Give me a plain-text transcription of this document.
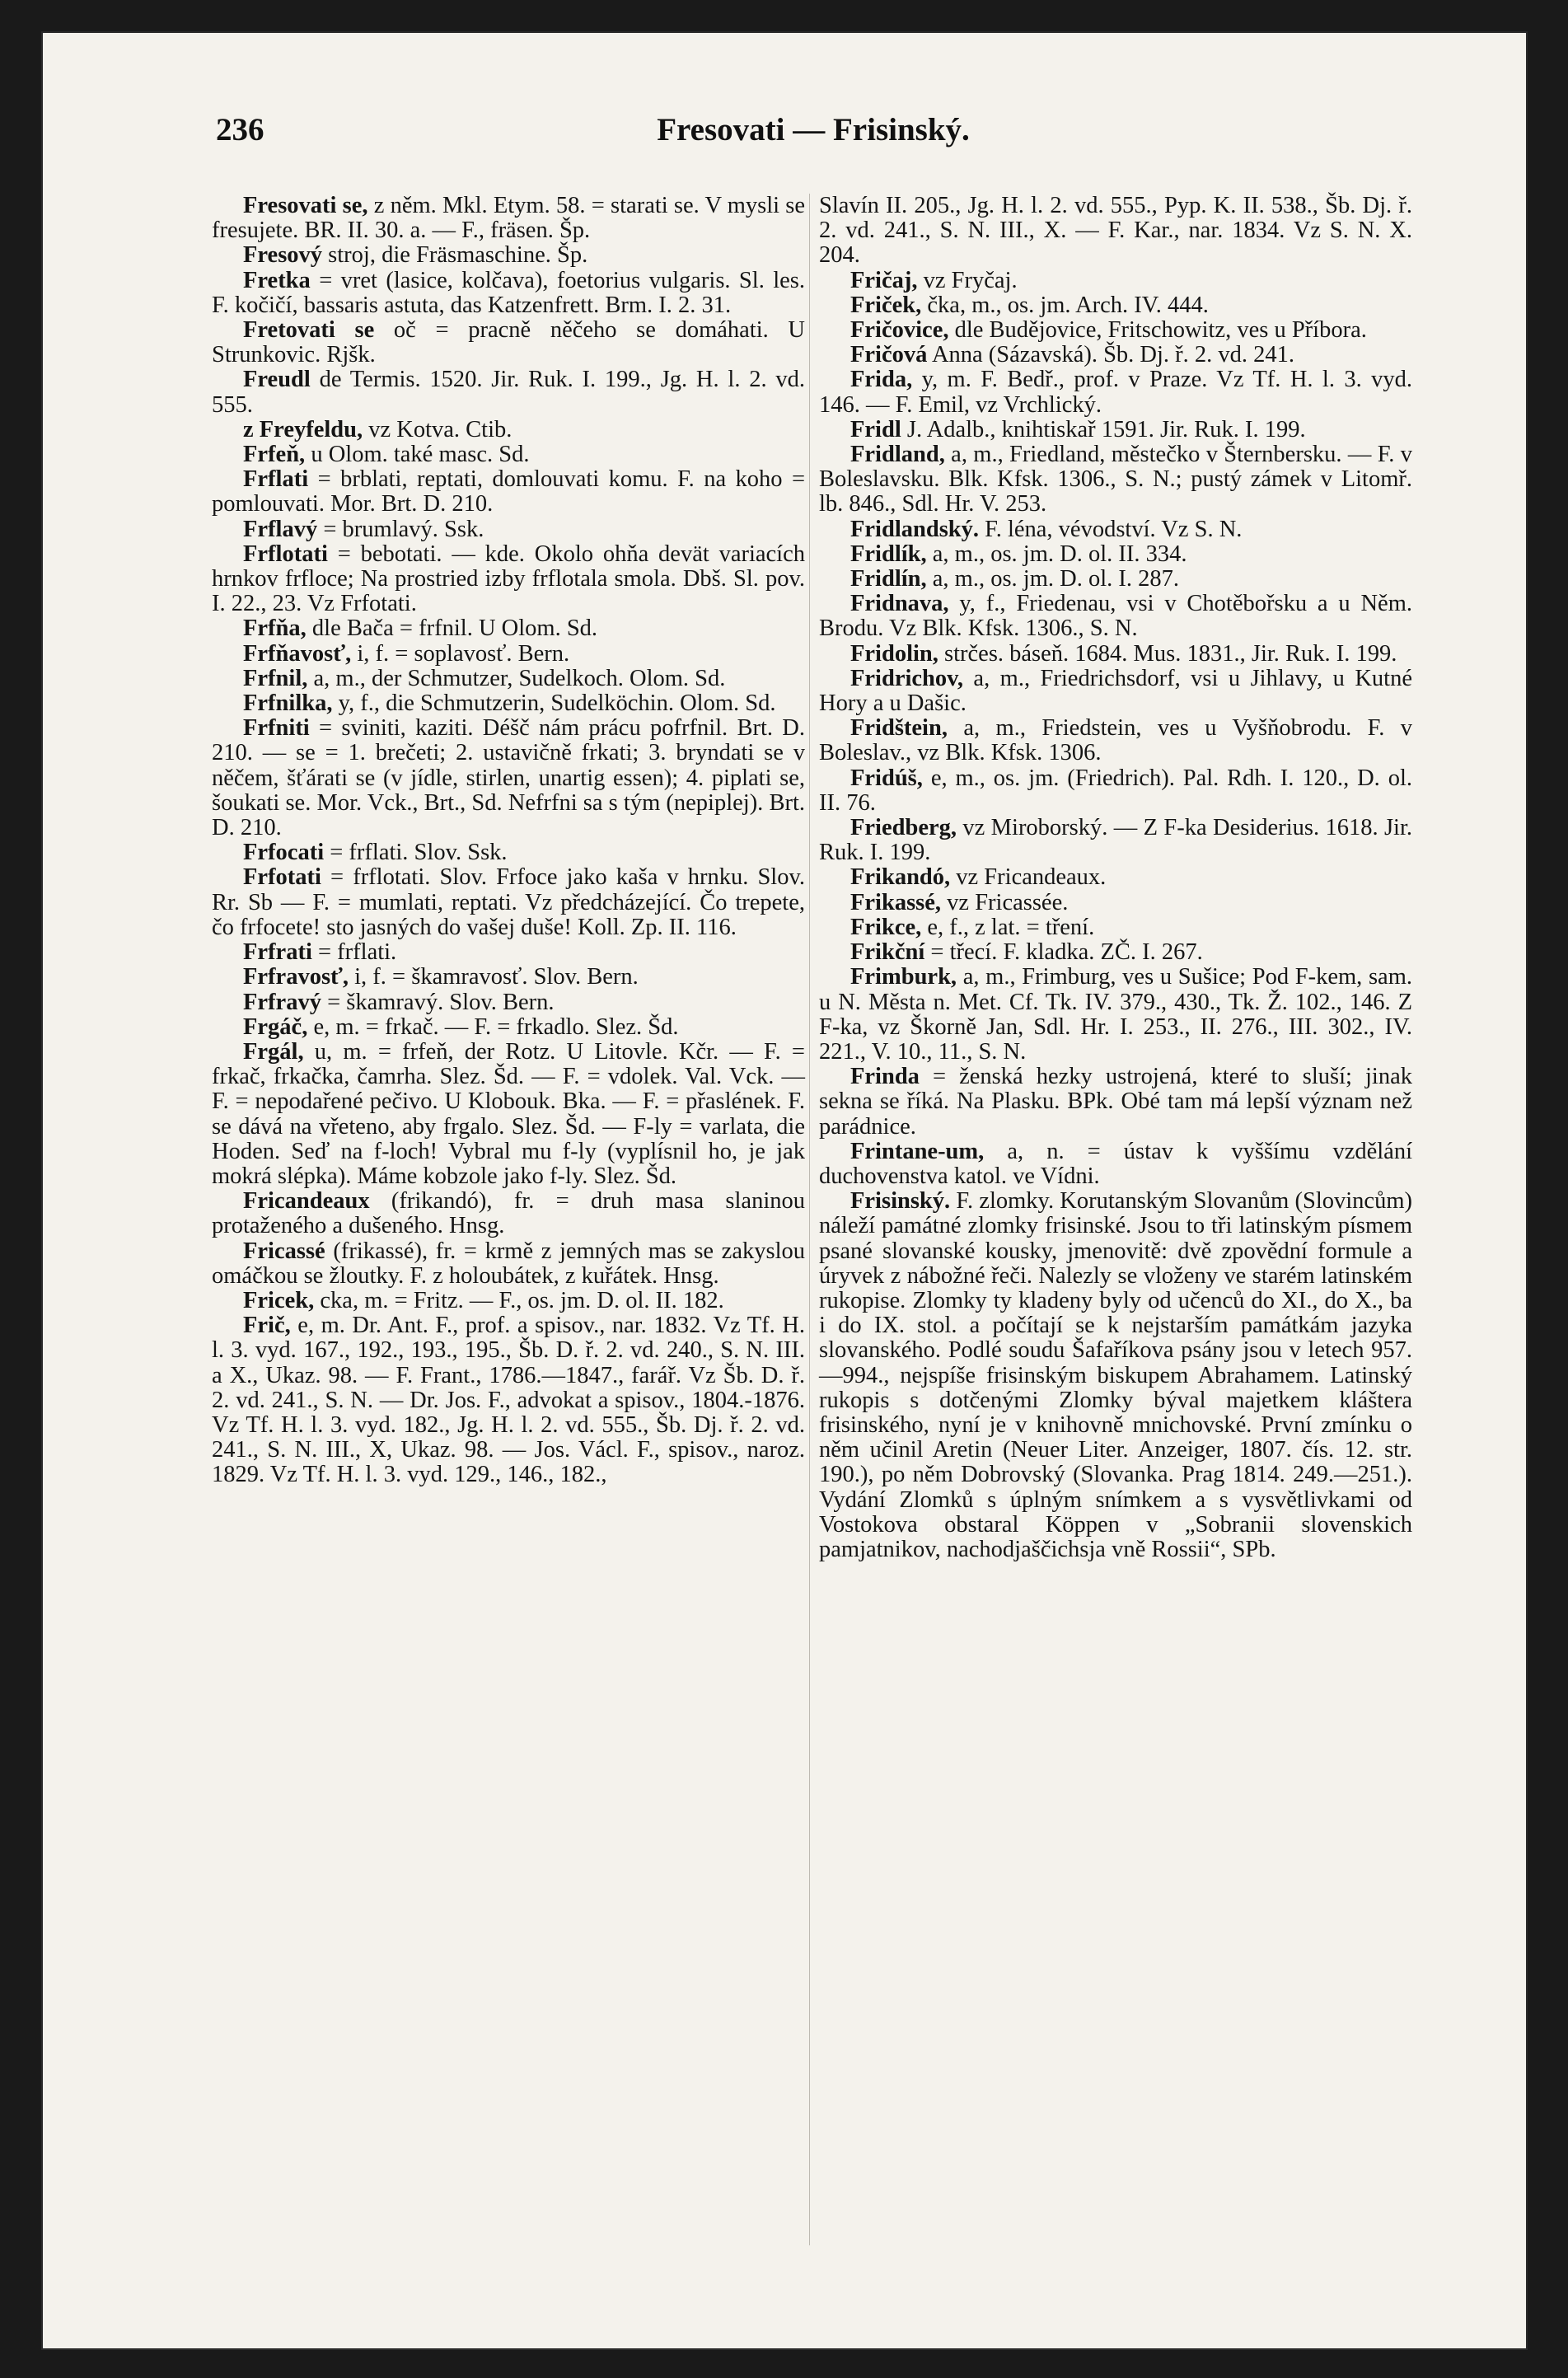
236	Fresovati — Frisinský.

Fresovati se, z něm. Mkl. Etym. 58. = starati se. V mysli se fresujete. BR. II. 30. a. — F., fräsen. Šp.

Fresový stroj, die Fräsmaschine. Šp.

Fretka = vret (lasice, kolčava), foetorius vulgaris. Sl. les. F. kočičí, bassaris astuta, das Katzenfrett. Brm. I. 2. 31.

Fretovati se oč = pracně něčeho se domáhati. U Strunkovic. Rjšk.

Freudl de Termis. 1520. Jir. Ruk. I. 199., Jg. H. l. 2. vd. 555.

z Freyfeldu, vz Kotva. Ctib.

Frfeň, u Olom. také masc. Sd.

Frflati = brblati, reptati, domlouvati komu. F. na koho = pomlouvati. Mor. Brt. D. 210.

Frflavý = brumlavý. Ssk.

Frflotati = bebotati. — kde. Okolo ohňa devät variacích hrnkov frfloce; Na prostried izby frflotala smola. Dbš. Sl. pov. I. 22., 23. Vz Frfotati.

Frfňa, dle Bača = frfnil. U Olom. Sd.

Frfňavosť, i, f. = soplavosť. Bern.

Frfnil, a, m., der Schmutzer, Sudelkoch. Olom. Sd.

Frfnilka, y, f., die Schmutzerin, Sudelköchin. Olom. Sd.

Frfniti = sviniti, kaziti. Déšč nám prácu pofrfnil. Brt. D. 210. — se = 1. brečeti; 2. ustavičně frkati; 3. bryndati se v něčem, šťárati se (v jídle, stirlen, unartig essen); 4. piplati se, šoukati se. Mor. Vck., Brt., Sd. Nefrfni sa s tým (nepiplej). Brt. D. 210.

Frfocati = frflati. Slov. Ssk.

Frfotati = frflotati. Slov. Frfoce jako kaša v hrnku. Slov. Rr. Sb — F. = mumlati, reptati. Vz předcházející. Čo trepete, čo frfocete! sto jasných do vašej duše! Koll. Zp. II. 116.

Frfrati = frflati.

Frfravosť, i, f. = škamravosť. Slov. Bern.

Frfravý = škamravý. Slov. Bern.

Frgáč, e, m. = frkač. — F. = frkadlo. Slez. Šd.

Frgál, u, m. = frfeň, der Rotz. U Litovle. Kčr. — F. = frkač, frkačka, čamrha. Slez. Šd. — F. = vdolek. Val. Vck. — F. = nepodařené pečivo. U Klobouk. Bka. — F. = přaslének. F. se dává na vřeteno, aby frgalo. Slez. Šd. — F-ly = varlata, die Hoden. Seď na f-loch! Vybral mu f-ly (vyplísnil ho, je jak mokrá slépka). Máme kobzole jako f-ly. Slez. Šd.

Fricandeaux (frikandó), fr. = druh masa slaninou protaženého a dušeného. Hnsg.

Fricassé (frikassé), fr. = krmě z jemných mas se zakyslou omáčkou se žloutky. F. z holoubátek, z kuřátek. Hnsg.

Fricek, cka, m. = Fritz. — F., os. jm. D. ol. II. 182.

Frič, e, m. Dr. Ant. F., prof. a spisov., nar. 1832. Vz Tf. H. l. 3. vyd. 167., 192., 193., 195., Šb. D. ř. 2. vd. 240., S. N. III. a X., Ukaz. 98. — F. Frant., 1786.—1847., farář. Vz Šb. D. ř. 2. vd. 241., S. N. — Dr. Jos. F., advokat a spisov., 1804.-1876. Vz Tf. H. l. 3. vyd. 182., Jg. H. l. 2. vd. 555., Šb. Dj. ř. 2. vd. 241., S. N. III., X, Ukaz. 98. — Jos. Václ. F., spisov., naroz. 1829. Vz Tf. H. l. 3. vyd. 129., 146., 182.,

Slavín II. 205., Jg. H. l. 2. vd. 555., Pyp. K. II. 538., Šb. Dj. ř. 2. vd. 241., S. N. III., X. — F. Kar., nar. 1834. Vz S. N. X. 204.

Fričaj, vz Fryčaj.

Friček, čka, m., os. jm. Arch. IV. 444.

Fričovice, dle Budějovice, Fritschowitz, ves u Příbora.

Fričová Anna (Sázavská). Šb. Dj. ř. 2. vd. 241.

Frida, y, m. F. Bedř., prof. v Praze. Vz Tf. H. l. 3. vyd. 146. — F. Emil, vz Vrchlický.

Fridl J. Adalb., knihtiskař 1591. Jir. Ruk. I. 199.

Fridland, a, m., Friedland, městečko v Šternbersku. — F. v Boleslavsku. Blk. Kfsk. 1306., S. N.; pustý zámek v Litomř. lb. 846., Sdl. Hr. V. 253.

Fridlandský. F. léna, vévodství. Vz S. N.

Fridlík, a, m., os. jm. D. ol. II. 334.

Fridlín, a, m., os. jm. D. ol. I. 287.

Fridnava, y, f., Friedenau, vsi v Chotěbořsku a u Něm. Brodu. Vz Blk. Kfsk. 1306., S. N.

Fridolin, strčes. báseň. 1684. Mus. 1831., Jir. Ruk. I. 199.

Fridrichov, a, m., Friedrichsdorf, vsi u Jihlavy, u Kutné Hory a u Dašic.

Fridštein, a, m., Friedstein, ves u Vyšňobrodu. F. v Boleslav., vz Blk. Kfsk. 1306.

Fridúš, e, m., os. jm. (Friedrich). Pal. Rdh. I. 120., D. ol. II. 76.

Friedberg, vz Miroborský. — Z F-ka Desiderius. 1618. Jir. Ruk. I. 199.

Frikandó, vz Fricandeaux.

Frikassé, vz Fricassée.

Frikce, e, f., z lat. = tření.

Frikční = třecí. F. kladka. ZČ. I. 267.

Frimburk, a, m., Frimburg, ves u Sušice; Pod F-kem, sam. u N. Města n. Met. Cf. Tk. IV. 379., 430., Tk. Ž. 102., 146. Z F-ka, vz Škorně Jan, Sdl. Hr. I. 253., II. 276., III. 302., IV. 221., V. 10., 11., S. N.

Frinda = ženská hezky ustrojená, které to sluší; jinak sekna se říká. Na Plasku. BPk. Obé tam má lepší význam než parádnice.

Frintane-um, a, n. = ústav k vyššímu vzdělání duchovenstva katol. ve Vídni.

Frisinský. F. zlomky. Korutanským Slovanům (Slovincům) náleží památné zlomky frisinské. Jsou to tři latinským písmem psané slovanské kousky, jmenovitě: dvě zpovědní formule a úryvek z nábožné řeči. Nalezly se vloženy ve starém latinském rukopise. Zlomky ty kladeny byly od učenců do XI., do X., ba i do IX. stol. a počítají se k nejstarším památkám jazyka slovanského. Podlé soudu Šafaříkova psány jsou v letech 957.—994., nejspíše frisinským biskupem Abrahamem. Latinský rukopis s dotčenými Zlomky býval majetkem kláštera frisinského, nyní je v knihovně mnichovské. První zmínku o něm učinil Aretin (Neuer Liter. Anzeiger, 1807. čís. 12. str. 190.), po něm Dobrovský (Slovanka. Prag 1814. 249.—251.). Vydání Zlomků s úplným snímkem a s vysvětlivkami od Vostokova obstaral Köppen v „Sobranii slovenskich pamjatnikov, nachodjaščichsja vně Rossii“, SPb.
